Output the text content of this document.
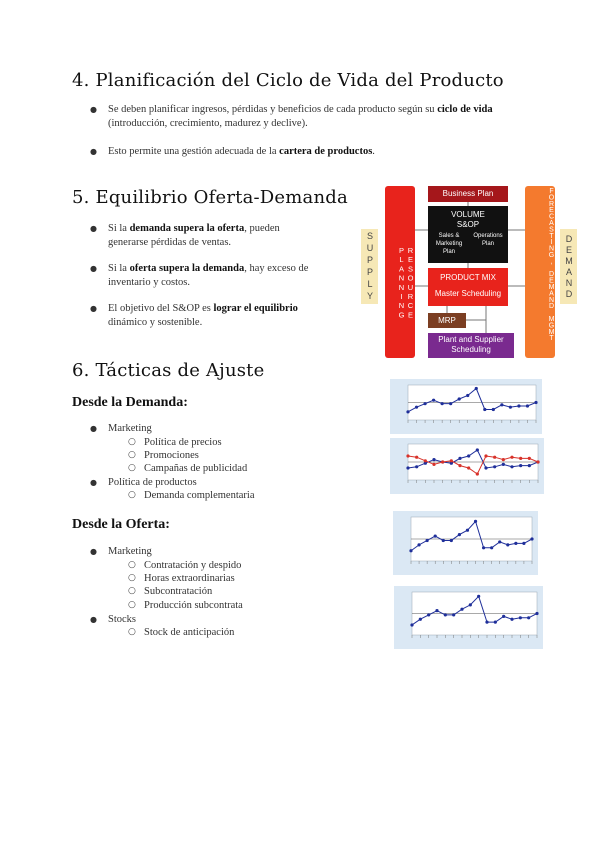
4. Planificación del Ciclo de Vida del Producto
● Se deben planificar ingresos, pérdidas y beneficios de cada producto según su ciclo de vida
(introducción, crecimiento, madurez y declive).
● Esto permite una gestión adecuada de la cartera de productos.
5. Equilibrio Oferta-Demanda
● Si la demanda supera la oferta, pueden
generarse pérdidas de ventas.
● Si la oferta supera la demanda, hay exceso de
inventario y costos.
● El objetivo del S&OP es lograr el equilibrio
dinámico y sostenible.
SUPPLY	RESOURCE PLANNING	FORECASTING, DEMAND MGMT DEMAND
Business Plan
VOLUME
S&OP
Sales & Marketing Plan
Operations Plan
PRODUCT MIX
Master Scheduling
MRP
Plant and Supplier Scheduling
6. Tácticas de Ajuste
Desde la Demanda:
● Marketing
○ Política de precios
○ Promociones
○ Campañas de publicidad
● Política de productos
○ Demanda complementaria
Desde la Oferta:
● Marketing
○ Contratación y despido
○ Horas extraordinarias
○ Subcontratación
○ Producción subcontrata
● Stocks
○ Stock de anticipación
